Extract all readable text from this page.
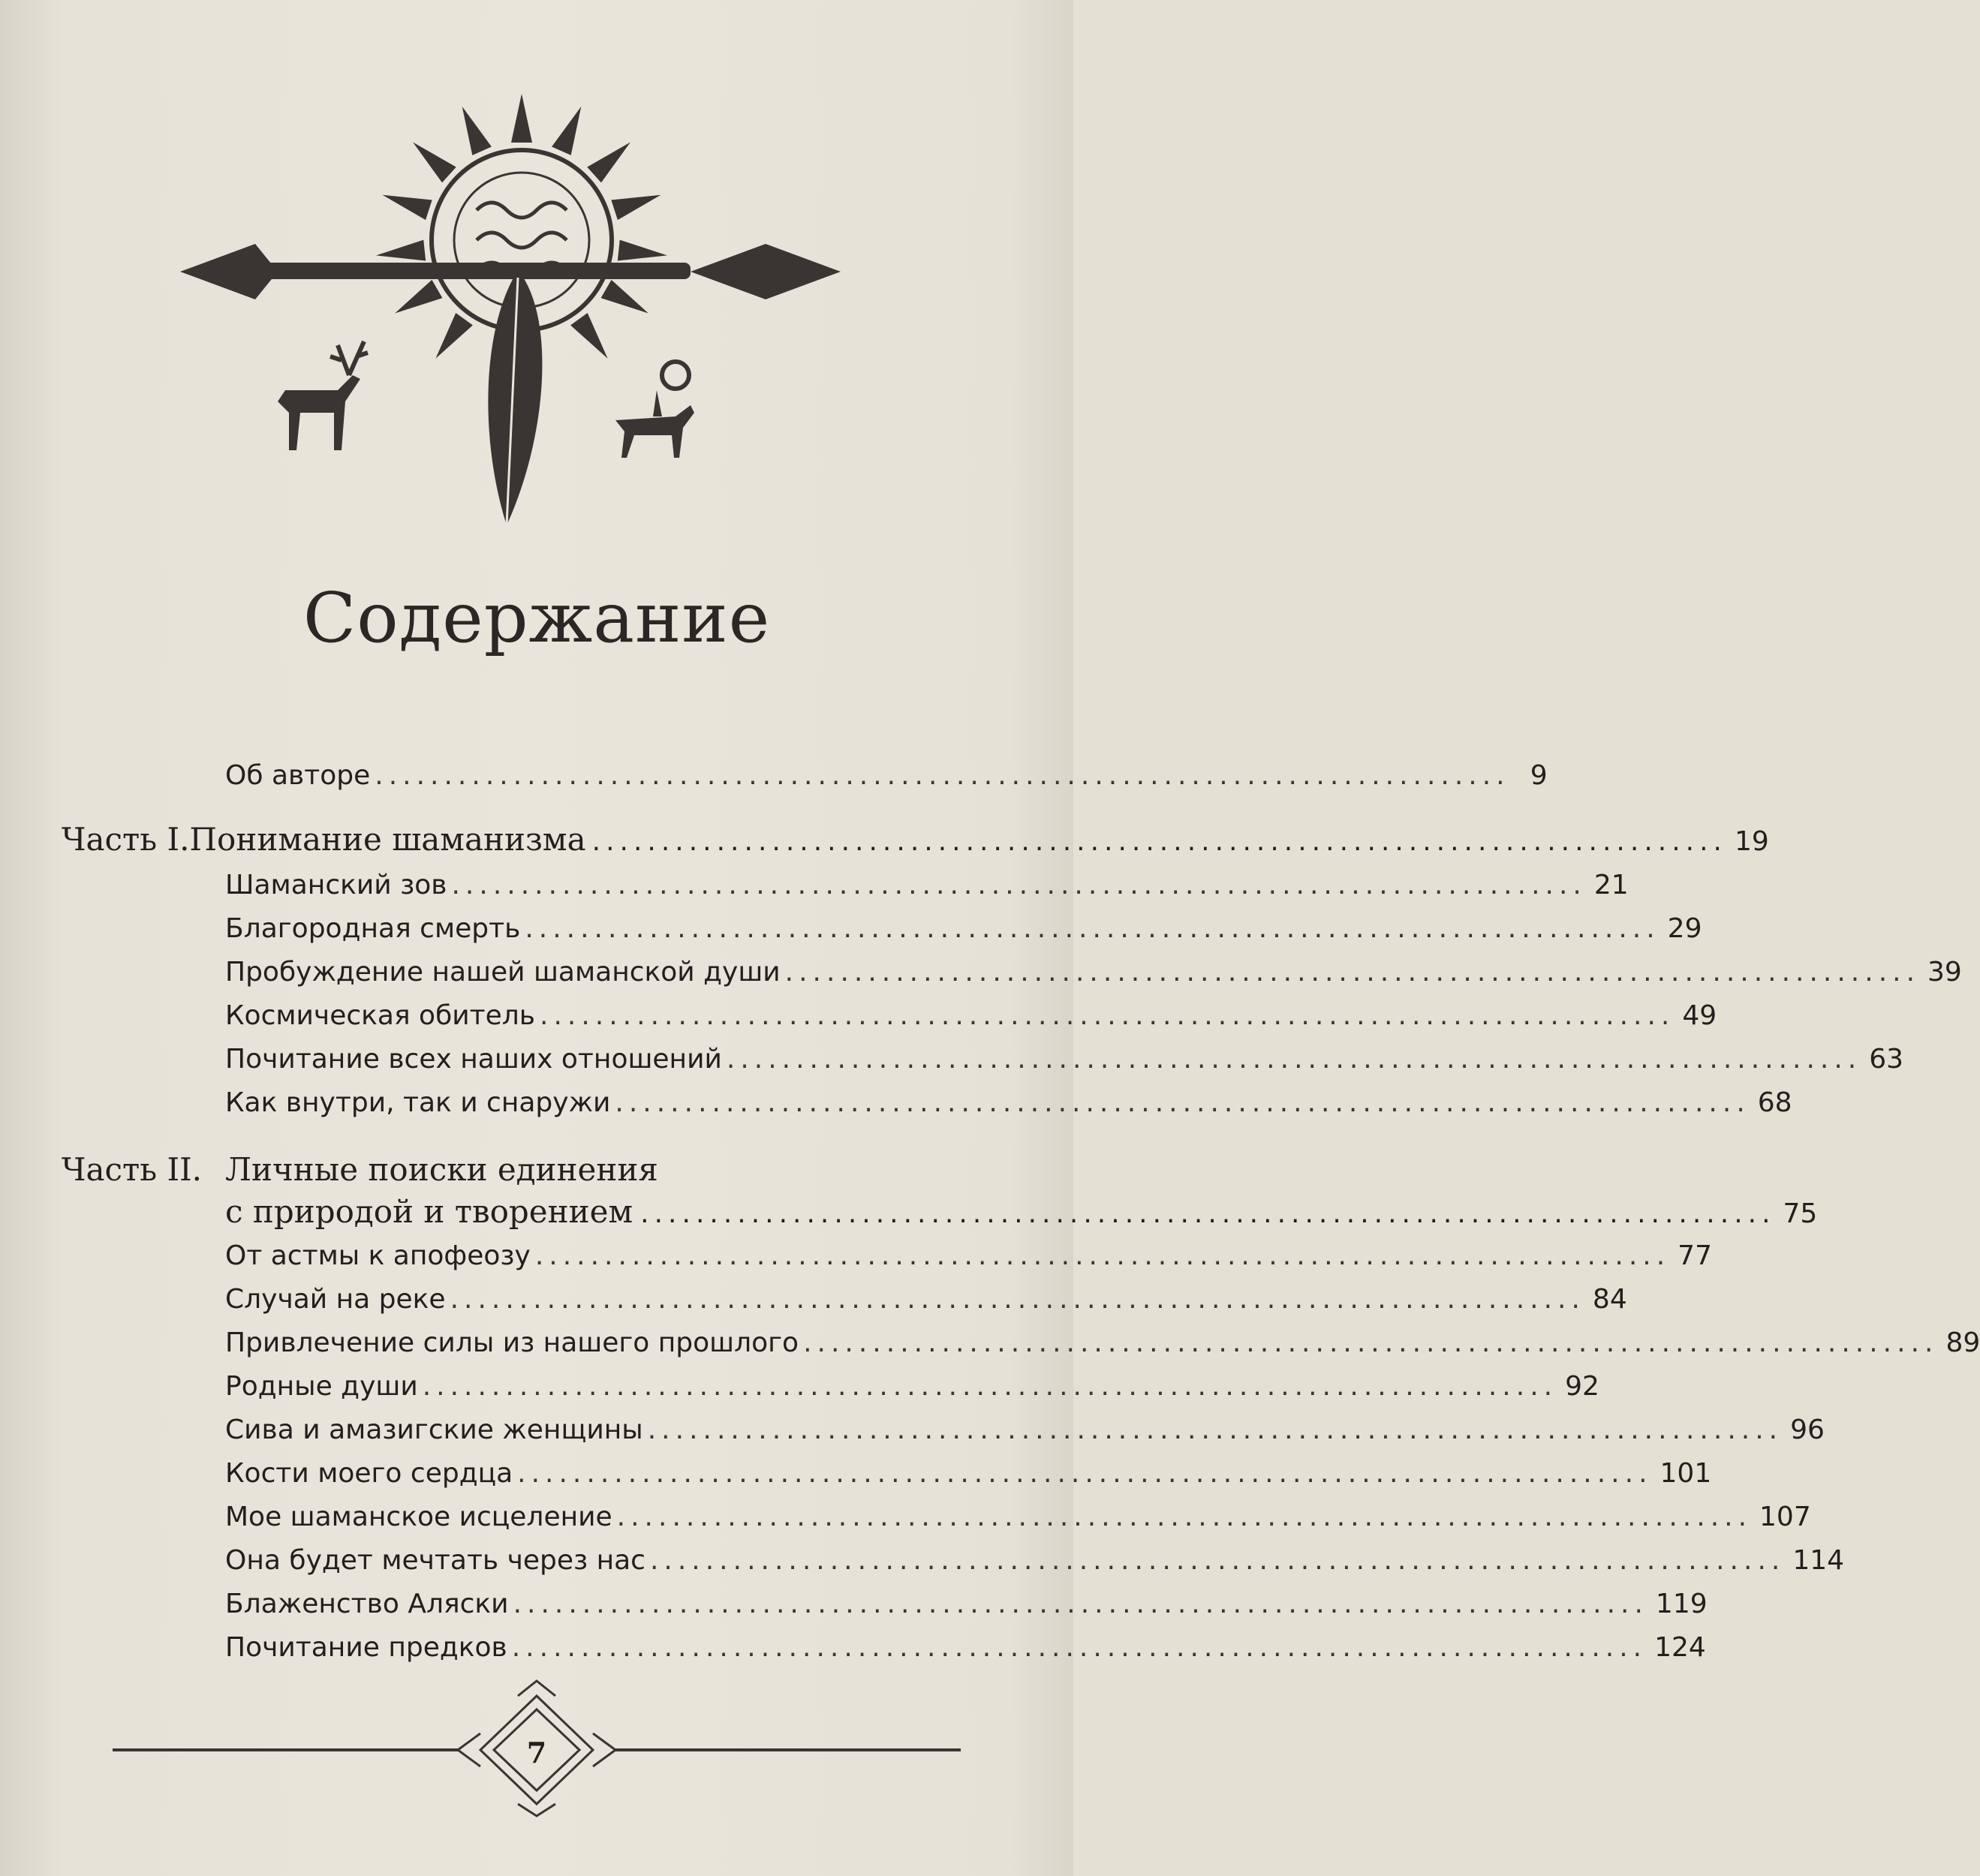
Содержание
Об авторе .................................................................................. 9
Часть I. Понимание шаманизма .................................................................................. 19
Шаманский зов .................................................................................. 21
Благородная смерть .................................................................................. 29
Пробуждение нашей шаманской души .................................................................................. 39
Космическая обитель .................................................................................. 49
Почитание всех наших отношений .................................................................................. 63
Как внутри, так и снаружи .................................................................................. 68
Часть II. Личные поиски единения
с природой и творением .................................................................................. 75
От астмы к апофеозу .................................................................................. 77
Случай на реке .................................................................................. 84
Привлечение силы из нашего прошлого .................................................................................. 89
Родные души .................................................................................. 92
Сива и амазигские женщины .................................................................................. 96
Кости моего сердца .................................................................................. 101
Мое шаманское исцеление .................................................................................. 107
Она будет мечтать через нас .................................................................................. 114
Блаженство Аляски .................................................................................. 119
Почитание предков .................................................................................. 124
7
